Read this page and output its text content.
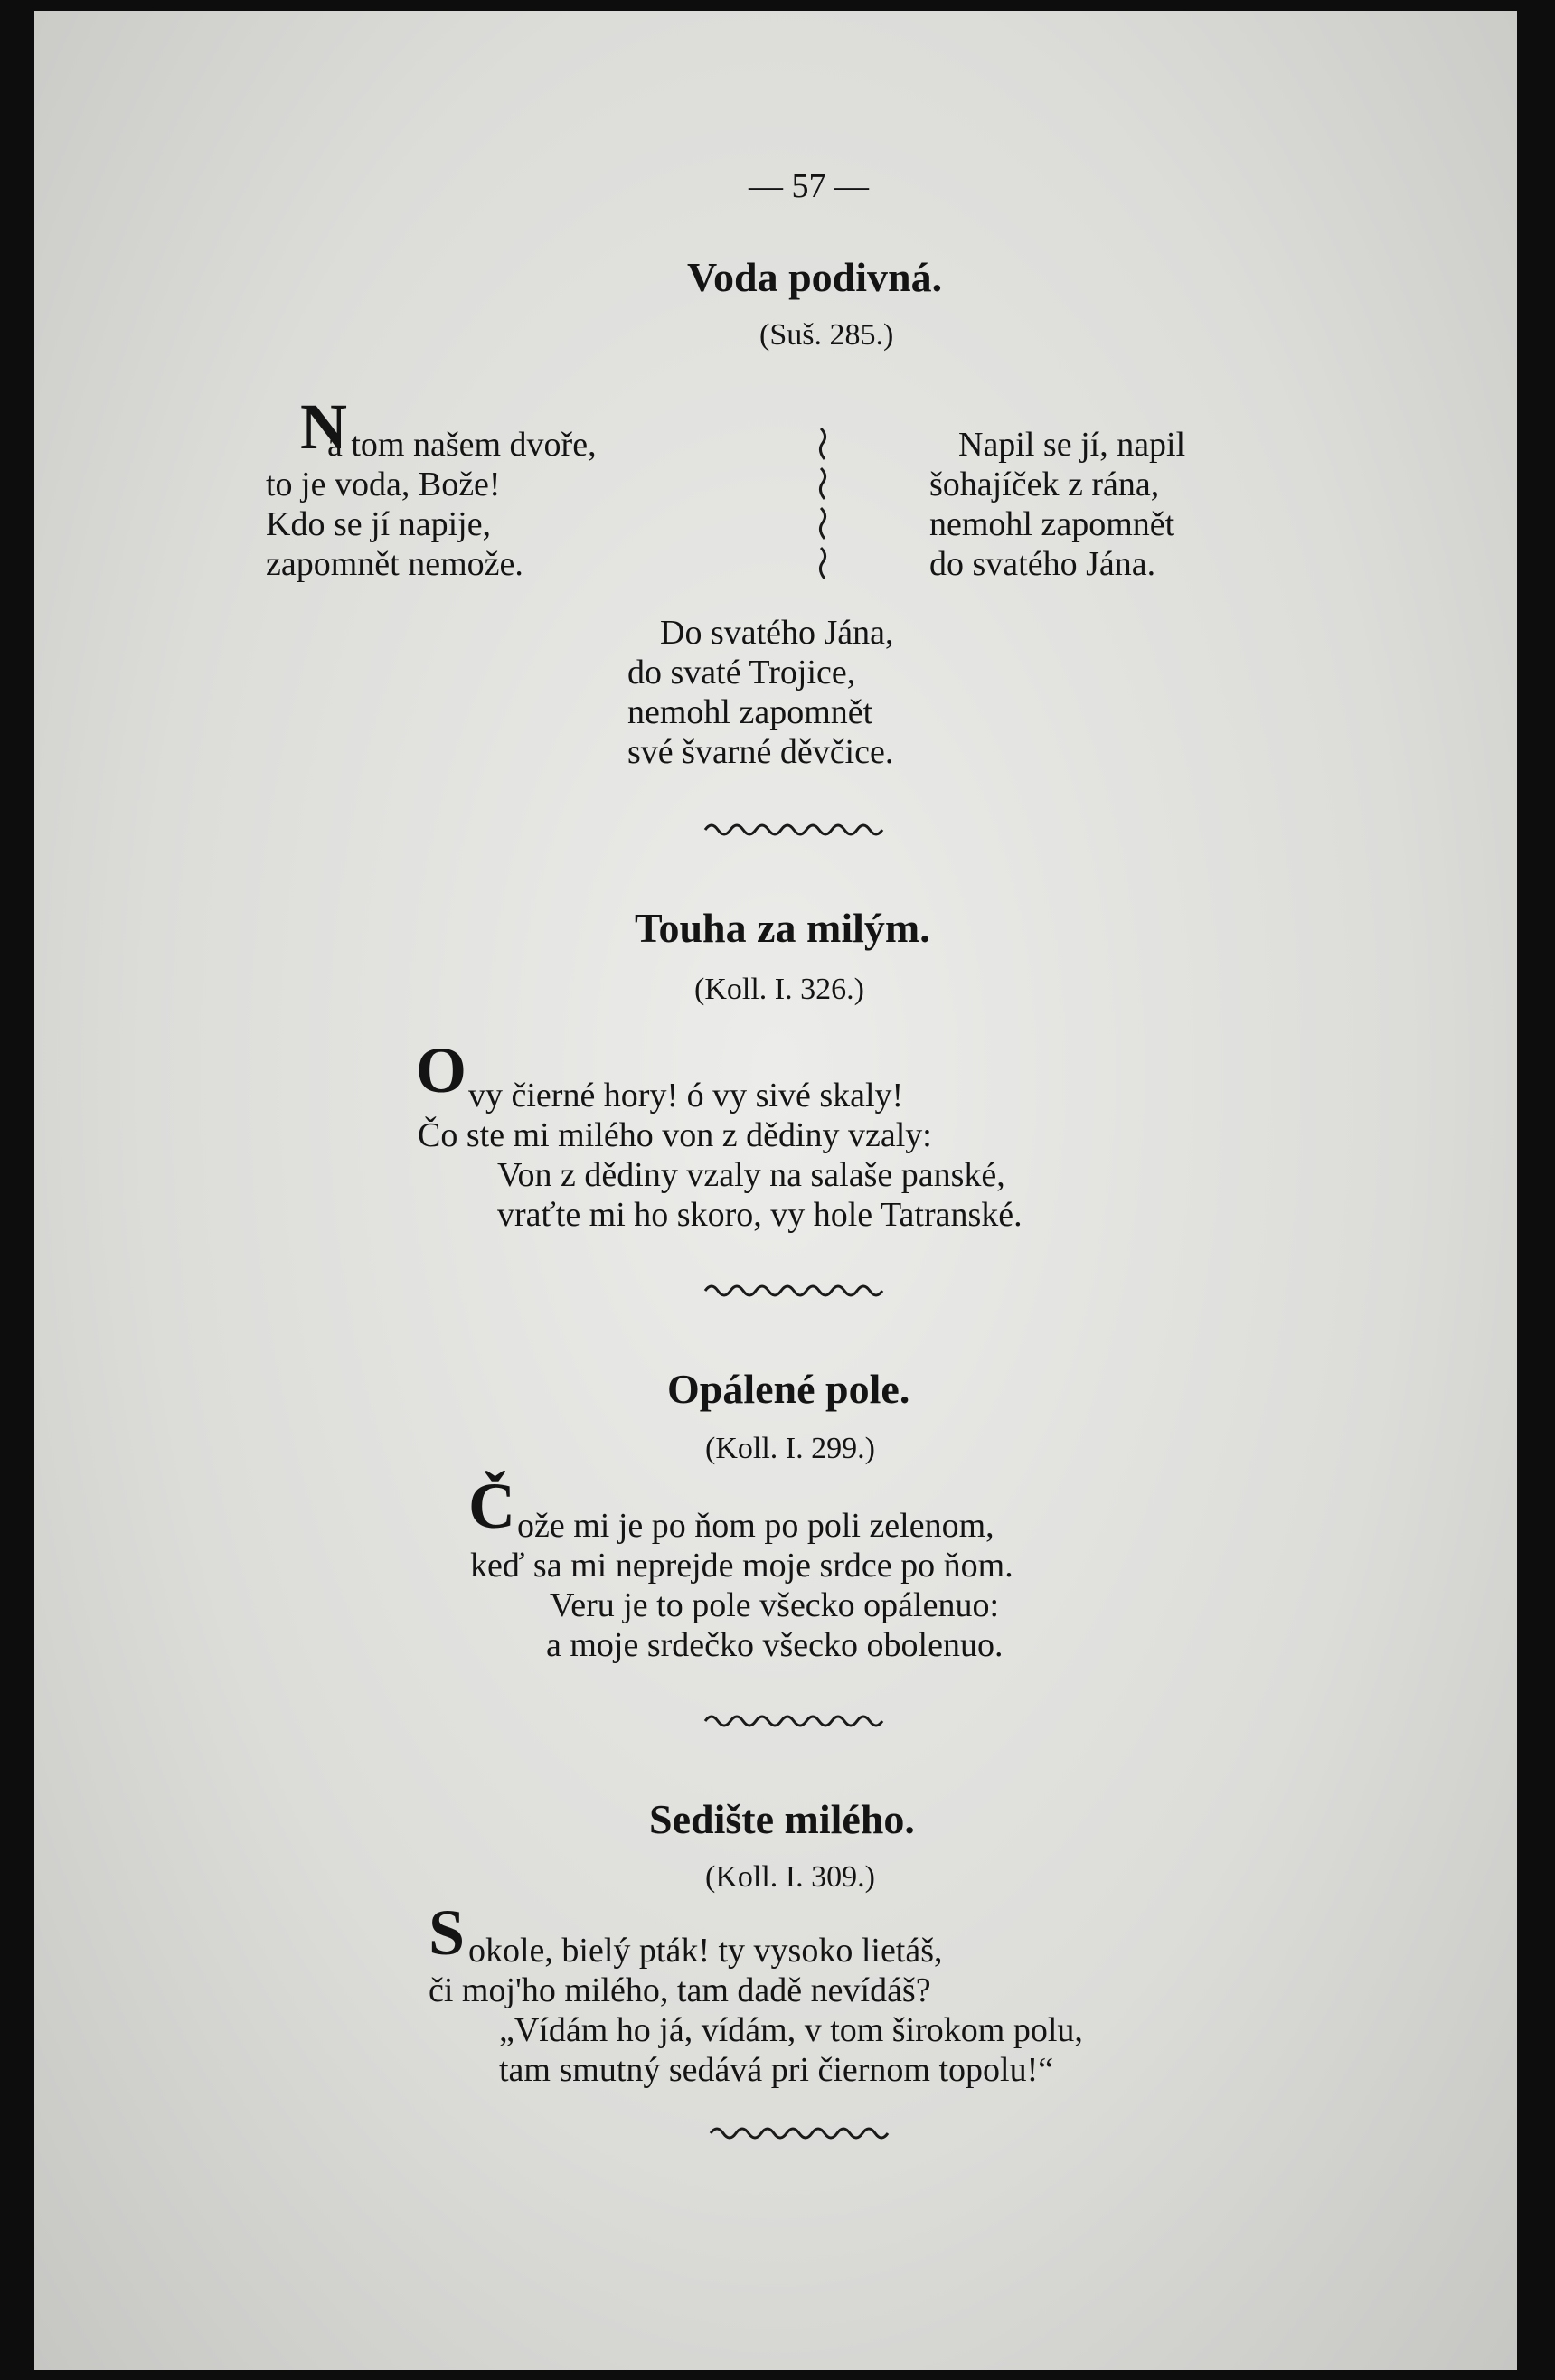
— 57 —
Voda podivná.
(Suš. 285.)
N
a tom našem dvoře,
to je voda, Bože!
Kdo se jí napije,
zapomnět nemože.
Napil se jí, napil
šohajíček z rána,
nemohl zapomnět
do svatého Jána.
Do svatého Jána,
do svaté Trojice,
nemohl zapomnět
své švarné děvčice.
Touha za milým.
(Koll. I. 326.)
O vy čierné hory! ó vy sivé skaly!
Čo ste mi milého von z dědiny vzaly:
Von z dědiny vzaly na salaše panské,
vraťte mi ho skoro, vy hole Tatranské.
Opálené pole.
(Koll. I. 299.)
Č ože mi je po ňom po poli zelenom,
keď sa mi neprejde moje srdce po ňom.
Veru je to pole všecko opálenuo:
a moje srdečko všecko obolenuo.
Sedište milého.
(Koll. I. 309.)
S okole, bielý pták! ty vysoko lietáš,
či moj'ho milého, tam dadě nevídáš?
„Vídám ho já, vídám, v tom širokom polu,
tam smutný sedává pri čiernom topolu!“
